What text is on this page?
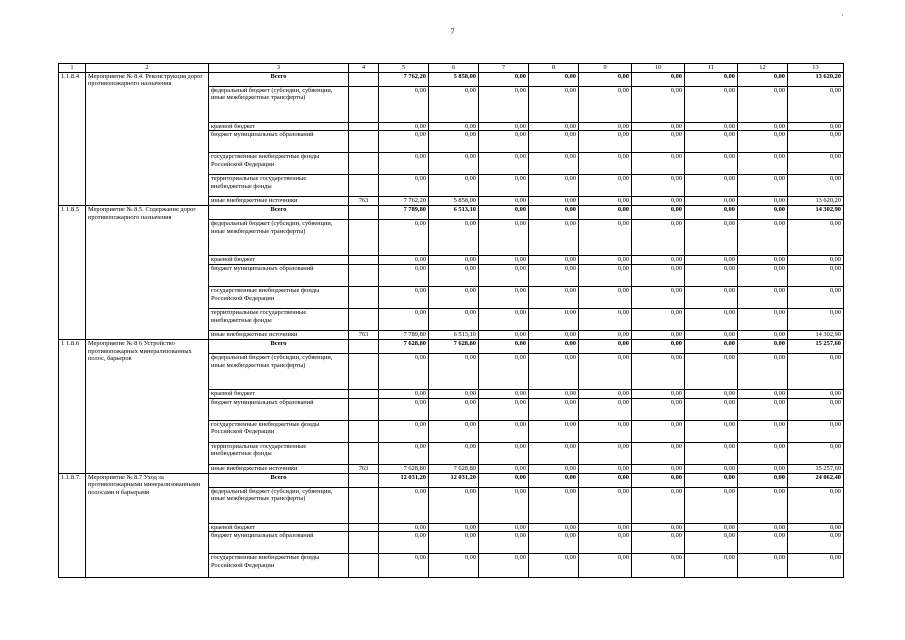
·
7
1	2	3	4	5	6	7	8	9	10	11	12	13
1.1.8.4	Мероприятие № 8.4. Реконструкция дорог противопожарного назначения	Всего		7 762,20	5 858,00	0,00	0,00	0,00	0,00	0,00	0,00	13 620,20
		федеральный бюджет (субсидии, субвенции, иные межбюджетные трансферты)		0,00	0,00	0,00	0,00	0,00	0,00	0,00	0,00	0,00
		краевой бюджет		0,00	0,00	0,00	0,00	0,00	0,00	0,00	0,00	0,00
		бюджет муниципальных образований		0,00	0,00	0,00	0,00	0,00	0,00	0,00	0,00	0,00
		государственные внебюджетные фонды Российской Федерации		0,00	0,00	0,00	0,00	0,00	0,00	0,00	0,00	0,00
		территориальные государственные внебюджетные фонды		0,00	0,00	0,00	0,00	0,00	0,00	0,00	0,00	0,00
		иные внебюджетные источники	763	7 762,20	5 858,00	0,00	0,00	0,00	0,00	0,00	0,00	13 620,20
1 1.8.5	Мероприятие № 8.5. Содержание дорог противопожарного назначения	Всего		7 789,80	6 513,10	0,00	0,00	0,00	0,00	0,00	0,00	14 302,90
		федеральный бюджет (субсидии, субвенции, иные межбюджетные трансферты)		0,00	0,00	0,00	0,00	0,00	0,00	0,00	0,00	0,00
		краевой бюджет		0,00	0,00	0,00	0,00	0,00	0,00	0,00	0,00	0,00
		бюджет муниципальных образований		0,00	0,00	0,00	0,00	0,00	0,00	0,00	0,00	0,00
		государственные внебюджетные фонды Российской Федерации		0,00	0,00	0,00	0,00	0,00	0,00	0,00	0,00	0,00
		территориальные государственные внебюджетные фонды		0,00	0,00	0,00	0,00	0,00	0,00	0,00	0,00	0,00
		иные внебюджетные источники	763	7 789,80	6 513,10	0,00	0,00	0,00	0,00	0,00	0,00	14 302,90
1 1.8.6	Мероприятие № 8 6 Устройство противопожарных минерализованных полос, барьеров	Всего		7 628,80	7 628,80	0,00	0,00	0,00	0,00	0,00	0,00	15 257,60
		федеральный бюджет (субсидии, субвенции, иные межбюджетные трансферты)		0,00	0,00	0,00	0,00	0,00	0,00	0,00	0,00	0,00
		краевой бюджет		0,00	0,00	0,00	0,00	0,00	0,00	0,00	0,00	0,00
		бюджет муниципальных образований		0,00	0,00	0,00	0,00	0,00	0,00	0,00	0,00	0,00
		государственные внебюджетные фонды Российской Федерации		0,00	0,00	0,00	0,00	0,00	0,00	0,00	0,00	0,00
		территориальные государственные внебюджетные фонды		0,00	0,00	0,00	0,00	0,00	0,00	0,00	0,00	0,00
		иные внебюджетные источники	763	7 628,80	7 628,80	0,00	0,00	0,00	0,00	0,00	0,00	15 257,60
1.1.8.7.	Мероприятие № 8.7 Уход за противопожарными минерализованными полосами и барьерами	Всего		12 031,20	12 031,20	0,00	0,00	0,00	0,00	0,00	0,00	24 062,40
		федеральный бюджет (субсидии, субвенции, иные межбюджетные трансферты)		0,00	0,00	0,00	0,00	0,00	0,00	0,00	0,00	0,00
		краевой бюджет		0,00	0,00	0,00	0,00	0,00	0,00	0,00	0,00	0,00
		бюджет муниципальных образований		0,00	0,00	0,00	0,00	0,00	0,00	0,00	0,00	0,00
		государственные внебюджетные фонды Российской Федерации		0,00	0,00	0,00	0,00	0,00	0,00	0,00	0,00	0,00
